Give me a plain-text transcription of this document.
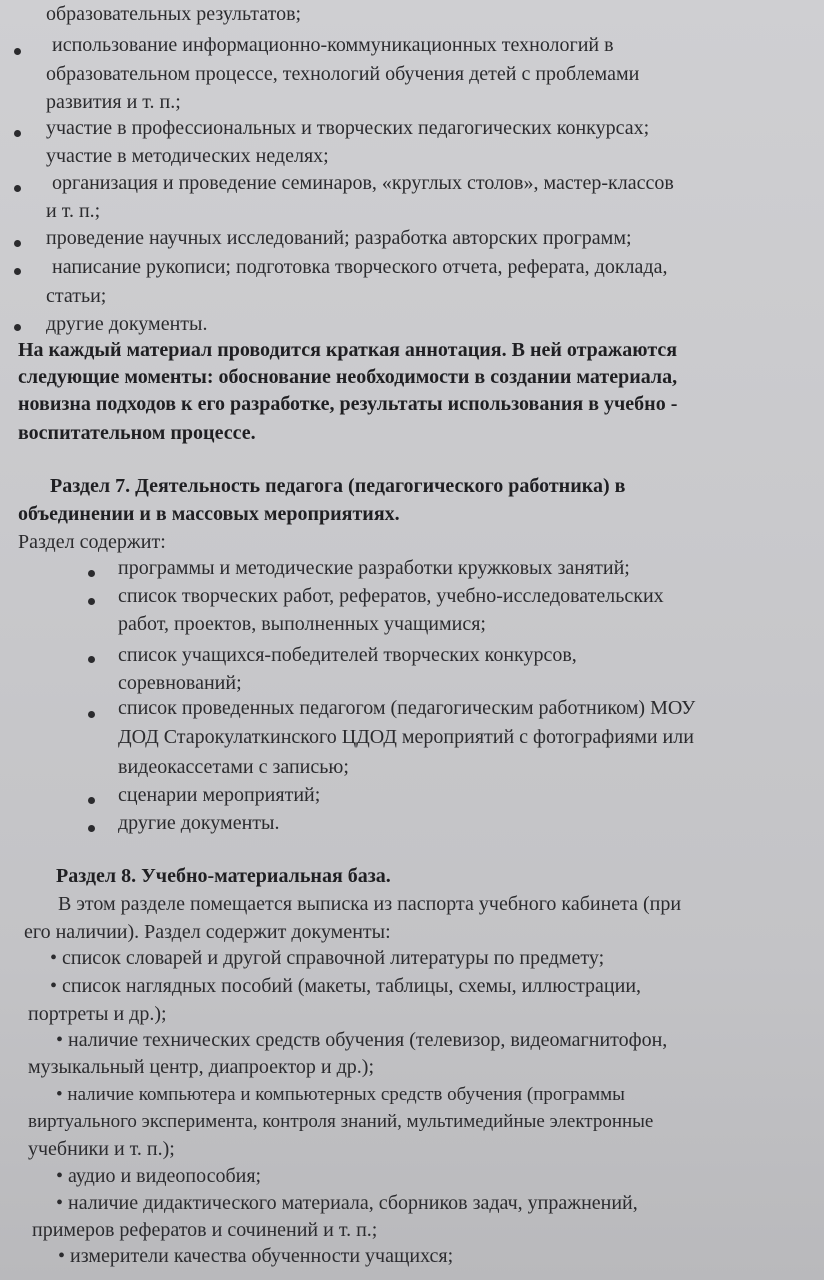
образовательных результатов;
использование информационно-коммуникационных технологий в
образовательном процессе, технологий обучения детей с проблемами
развития и т. п.;
участие в профессиональных и творческих педагогических конкурсах;
участие в методических неделях;
организация и проведение семинаров, «круглых столов», мастер-классов
и т. п.;
проведение научных исследований; разработка авторских программ;
написание рукописи; подготовка творческого отчета, реферата, доклада,
статьи;
другие документы.
На каждый материал проводится краткая аннотация. В ней отражаются
следующие моменты: обоснование необходимости в создании материала,
новизна подходов к его разработке, результаты использования в учебно -
воспитательном процессе.
Раздел 7. Деятельность педагога (педагогического работника) в
объединении и в массовых мероприятиях.
Раздел содержит:
программы и методические разработки кружковых занятий;
список творческих работ, рефератов, учебно-исследовательских
работ, проектов, выполненных учащимися;
список учащихся-победителей творческих конкурсов,
соревнований;
список проведенных педагогом (педагогическим работником) МОУ
ДОД Старокулаткинского ЦДОД мероприятий с фотографиями или
видеокассетами с записью;
сценарии мероприятий;
другие документы.
Раздел 8. Учебно-материальная база.
В этом разделе помещается выписка из паспорта учебного кабинета (при
его наличии). Раздел содержит документы:
• список словарей и другой справочной литературы по предмету;
• список наглядных пособий (макеты, таблицы, схемы, иллюстрации,
портреты и др.);
• наличие технических средств обучения (телевизор, видеомагнитофон,
музыкальный центр, диапроектор и др.);
• наличие компьютера и компьютерных средств обучения (программы
виртуального эксперимента, контроля знаний, мультимедийные электронные
учебники и т. п.);
• аудио и видеопособия;
• наличие дидактического материала, сборников задач, упражнений,
примеров рефератов и сочинений и т. п.;
• измерители качества обученности учащихся;
